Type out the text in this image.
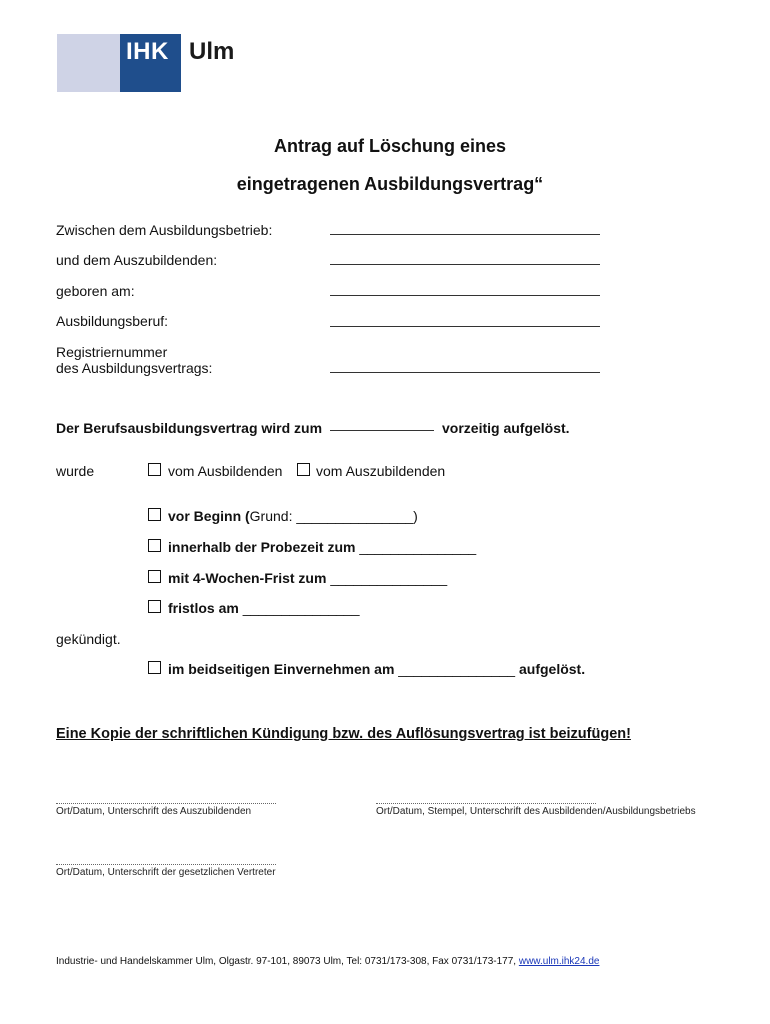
IHK Ulm
Antrag auf Löschung eines
eingetragenen Ausbildungsvertrag“
Zwischen dem Ausbildungsbetrieb:
und dem Auszubildenden:
geboren am:
Ausbildungsberuf:
Registriernummer
des Ausbildungsvertrags:
Der Berufsausbildungsvertrag wird zum	vorzeitig aufgelöst.
wurde	vom Ausbildenden vom Auszubildenden
vor Beginn (Grund: _______________)
innerhalb der Probezeit zum _______________
mit 4-Wochen-Frist zum _______________
fristlos am _______________
gekündigt.
im beidseitigen Einvernehmen am _______________ aufgelöst.
Eine Kopie der schriftlichen Kündigung bzw. des Auflösungsvertrag ist beizufügen!
Ort/Datum, Unterschrift des Auszubildenden	Ort/Datum, Stempel, Unterschrift des Ausbildenden/Ausbildungsbetriebs
Ort/Datum, Unterschrift der gesetzlichen Vertreter
Industrie- und Handelskammer Ulm, Olgastr. 97-101, 89073 Ulm, Tel: 0731/173-308, Fax 0731/173-177, www.ulm.ihk24.de
